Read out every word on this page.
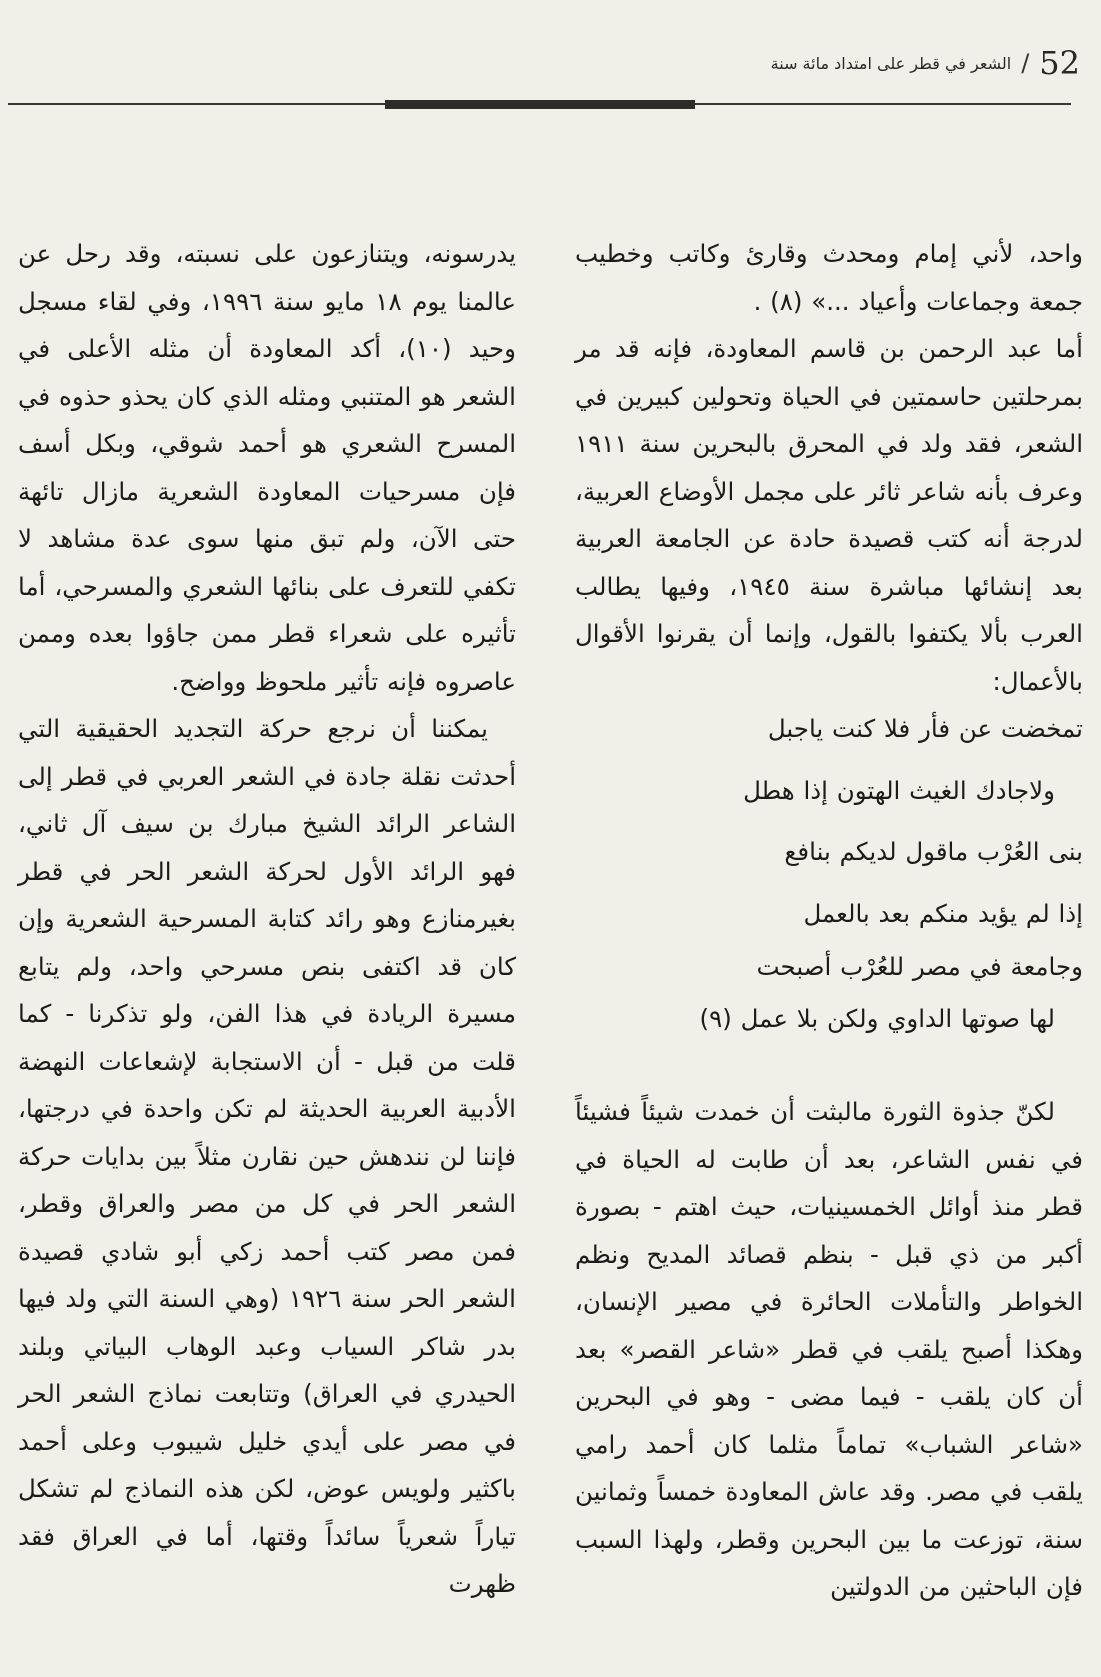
52
/
الشعر في قطر على امتداد مائة سنة

واحد، لأني إمام ومحدث وقارئ وكاتب وخطيب جمعة وجماعات وأعياد ...» (٨) .

أما عبد الرحمن بن قاسم المعاودة، فإنه قد مر بمرحلتين حاسمتين في الحياة وتحولين كبيرين في الشعر، فقد ولد في المحرق بالبحرين سنة ١٩١١ وعرف بأنه شاعر ثائر على مجمل الأوضاع العربية، لدرجة أنه كتب قصيدة حادة عن الجامعة العربية بعد إنشائها مباشرة سنة ١٩٤٥، وفيها يطالب العرب بألا يكتفوا بالقول، وإنما أن يقرنوا الأقوال بالأعمال:

تمخضت عن فأر فلا كنت ياجبل

ولاجادك الغيث الهتون إذا هطل

بنى العُرْب ماقول لديكم بنافع

إذا لم يؤيد منكم بعد بالعمل

وجامعة في مصر للعُرْب أصبحت

لها صوتها الداوي ولكن بلا عمل (٩)

لكنّ جذوة الثورة مالبثت أن خمدت شيئاً فشيئاً في نفس الشاعر، بعد أن طابت له الحياة في قطر منذ أوائل الخمسينيات، حيث اهتم - بصورة أكبر من ذي قبل - بنظم قصائد المديح ونظم الخواطر والتأملات الحائرة في مصير الإنسان، وهكذا أصبح يلقب في قطر «شاعر القصر» بعد أن كان يلقب - فيما مضى - وهو في البحرين «شاعر الشباب» تماماً مثلما كان أحمد رامي يلقب في مصر. وقد عاش المعاودة خمساً وثمانين سنة، توزعت ما بين البحرين وقطر، ولهذا السبب فإن الباحثين من الدولتين

يدرسونه، ويتنازعون على نسبته، وقد رحل عن عالمنا يوم ١٨ مايو سنة ١٩٩٦، وفي لقاء مسجل وحيد (١٠)، أكد المعاودة أن مثله الأعلى في الشعر هو المتنبي ومثله الذي كان يحذو حذوه في المسرح الشعري هو أحمد شوقي، وبكل أسف فإن مسرحيات المعاودة الشعرية مازال تائهة حتى الآن، ولم تبق منها سوى عدة مشاهد لا تكفي للتعرف على بنائها الشعري والمسرحي، أما تأثيره على شعراء قطر ممن جاؤوا بعده وممن عاصروه فإنه تأثير ملحوظ وواضح.

يمكننا أن نرجع حركة التجديد الحقيقية التي أحدثت نقلة جادة في الشعر العربي في قطر إلى الشاعر الرائد الشيخ مبارك بن سيف آل ثاني، فهو الرائد الأول لحركة الشعر الحر في قطر بغيرمنازع وهو رائد كتابة المسرحية الشعرية وإن كان قد اكتفى بنص مسرحي واحد، ولم يتابع مسيرة الريادة في هذا الفن، ولو تذكرنا - كما قلت من قبل - أن الاستجابة لإشعاعات النهضة الأدبية العربية الحديثة لم تكن واحدة في درجتها، فإننا لن نندهش حين نقارن مثلاً بين بدايات حركة الشعر الحر في كل من مصر والعراق وقطر، فمن مصر كتب أحمد زكي أبو شادي قصيدة الشعر الحر سنة ١٩٢٦ (وهي السنة التي ولد فيها بدر شاكر السياب وعبد الوهاب البياتي وبلند الحيدري في العراق) وتتابعت نماذج الشعر الحر في مصر على أيدي خليل شيبوب وعلى أحمد باكثير ولويس عوض، لكن هذه النماذج لم تشكل تياراً شعرياً سائداً وقتها، أما في العراق فقد ظهرت
